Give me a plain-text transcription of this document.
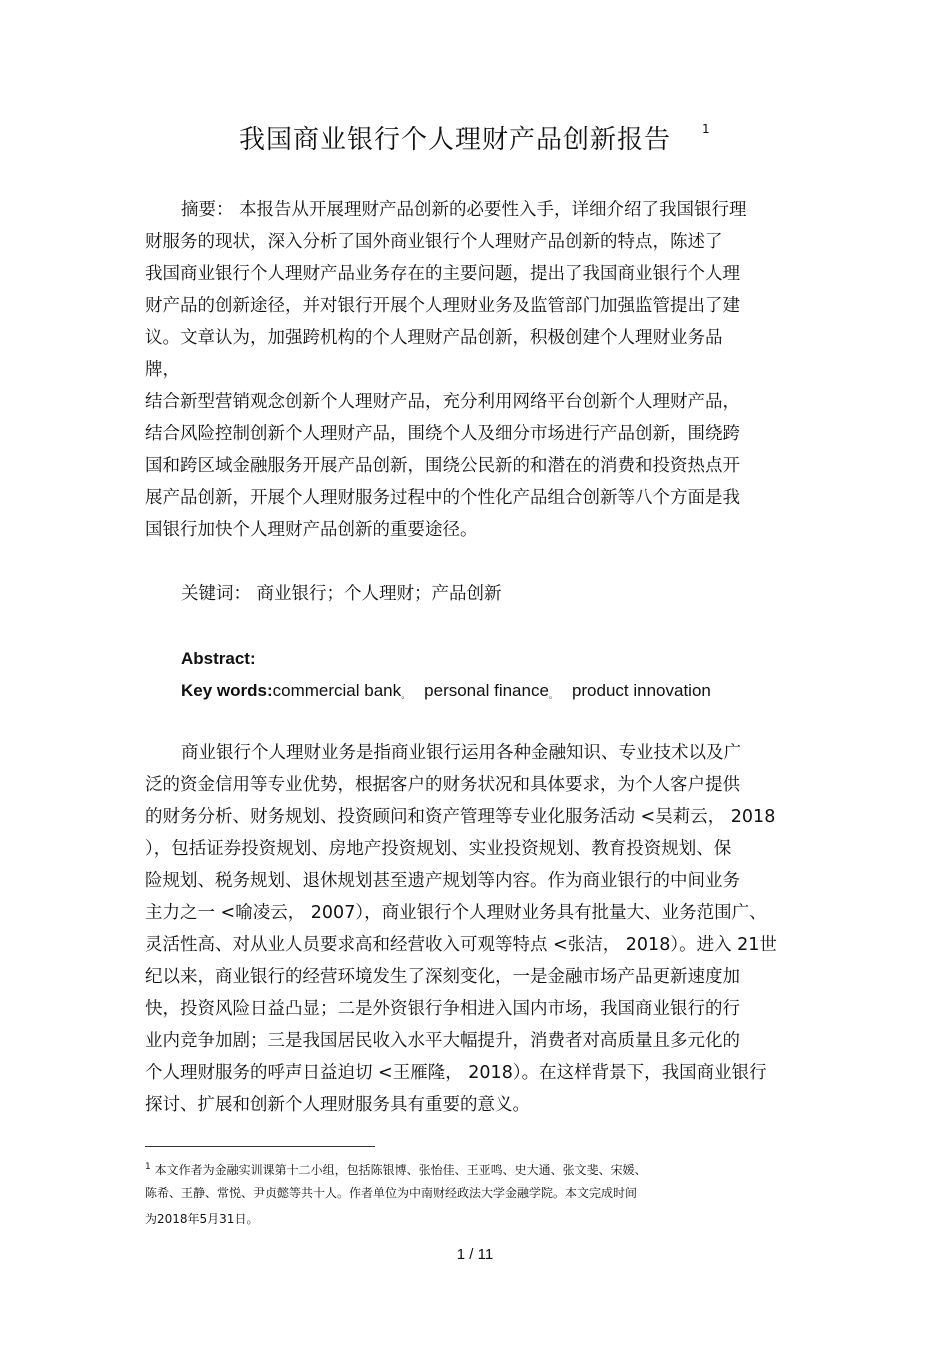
我国商业银行个人理财产品创新报告	1
摘要： 本报告从开展理财产品创新的必要性入手，详细介绍了我国银行理
财服务的现状，深入分析了国外商业银行个人理财产品创新的特点，陈述了
我国商业银行个人理财产品业务存在的主要问题，提出了我国商业银行个人理
财产品的创新途径，并对银行开展个人理财业务及监管部门加强监管提出了建
议。文章认为，加强跨机构的个人理财产品创新，积极创建个人理财业务品
牌，
结合新型营销观念创新个人理财产品，充分利用网络平台创新个人理财产品，
结合风险控制创新个人理财产品，围绕个人及细分市场进行产品创新，围绕跨
国和跨区域金融服务开展产品创新，围绕公民新的和潜在的消费和投资热点开
展产品创新，开展个人理财服务过程中的个性化产品组合创新等八个方面是我
国银行加快个人理财产品创新的重要途径。
关键词： 商业银行；个人理财；产品创新
Abstract:
Key words:commercial bank。 personal finance。 product innovation
商业银行个人理财业务是指商业银行运用各种金融知识、专业技术以及广
泛的资金信用等专业优势，根据客户的财务状况和具体要求，为个人客户提供
的财务分析、财务规划、投资顾问和资产管理等专业化服务活动 <吴莉云， 2018
），包括证券投资规划、房地产投资规划、实业投资规划、教育投资规划、保
险规划、税务规划、退休规划甚至遗产规划等内容。作为商业银行的中间业务
主力之一 <喻凌云， 2007），商业银行个人理财业务具有批量大、业务范围广、
灵活性高、对从业人员要求高和经营收入可观等特点 <张洁， 2018）。进入 21世
纪以来，商业银行的经营环境发生了深刻变化，一是金融市场产品更新速度加
快，投资风险日益凸显；二是外资银行争相进入国内市场，我国商业银行的行
业内竞争加剧；三是我国居民收入水平大幅提升，消费者对高质量且多元化的
个人理财服务的呼声日益迫切 <王雁隆， 2018）。在这样背景下，我国商业银行
探讨、扩展和创新个人理财服务具有重要的意义。
$^1$ 本文作者为金融实训课第十二小组，包括陈银博、张怡佳、王亚鸣、史大通、张文斐、宋媛、
陈希、王静、常悦、尹贞懿等共十人。作者单位为中南财经政法大学金融学院。本文完成时间
为2018年5月31日。
1 / 11
